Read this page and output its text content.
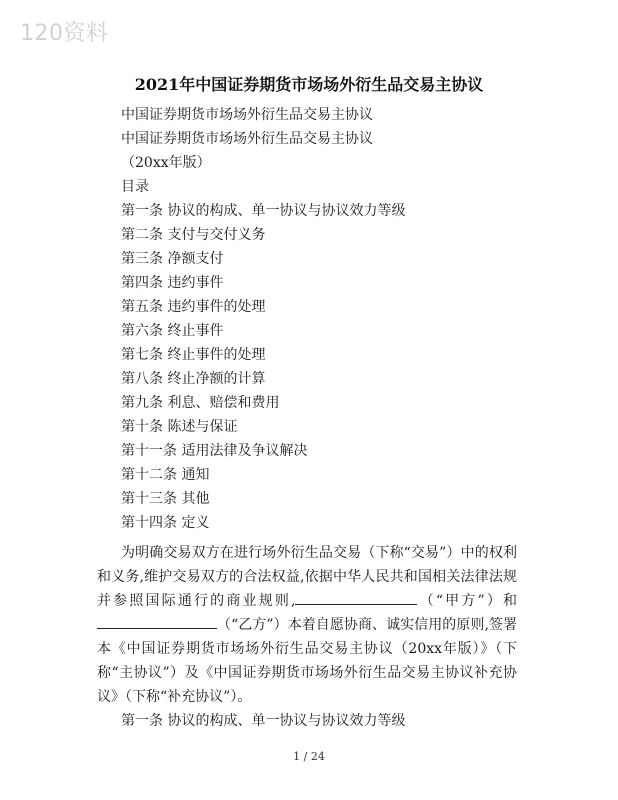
120资料
2021年中国证券期货市场场外衍生品交易主协议
中国证券期货市场场外衍生品交易主协议
中国证券期货市场场外衍生品交易主协议
（20xx年版）
目录
第一条 协议的构成、单一协议与协议效力等级
第二条 支付与交付义务
第三条 净额支付
第四条 违约事件
第五条 违约事件的处理
第六条 终止事件
第七条 终止事件的处理
第八条 终止净额的计算
第九条 利息、赔偿和费用
第十条 陈述与保证
第十一条 适用法律及争议解决
第十二条 通知
第十三条 其他
第十四条 定义

为明确交易双方在进行场外衍生品交易（下称“交易”）中的权利和义务,维护交易双方的合法权益,依据中华人民共和国相关法律法规并参照国际通行的商业规则,	（“甲方”）和（“乙方”）本着自愿协商、诚实信用的原则,签署本《中国证券期货市场场外衍生品交易主协议（20xx年版）》（下称“主协议”）及《中国证券期货市场场外衍生品交易主协议补充协议》（下称“补充协议”）。

第一条 协议的构成、单一协议与协议效力等级
1 / 24
